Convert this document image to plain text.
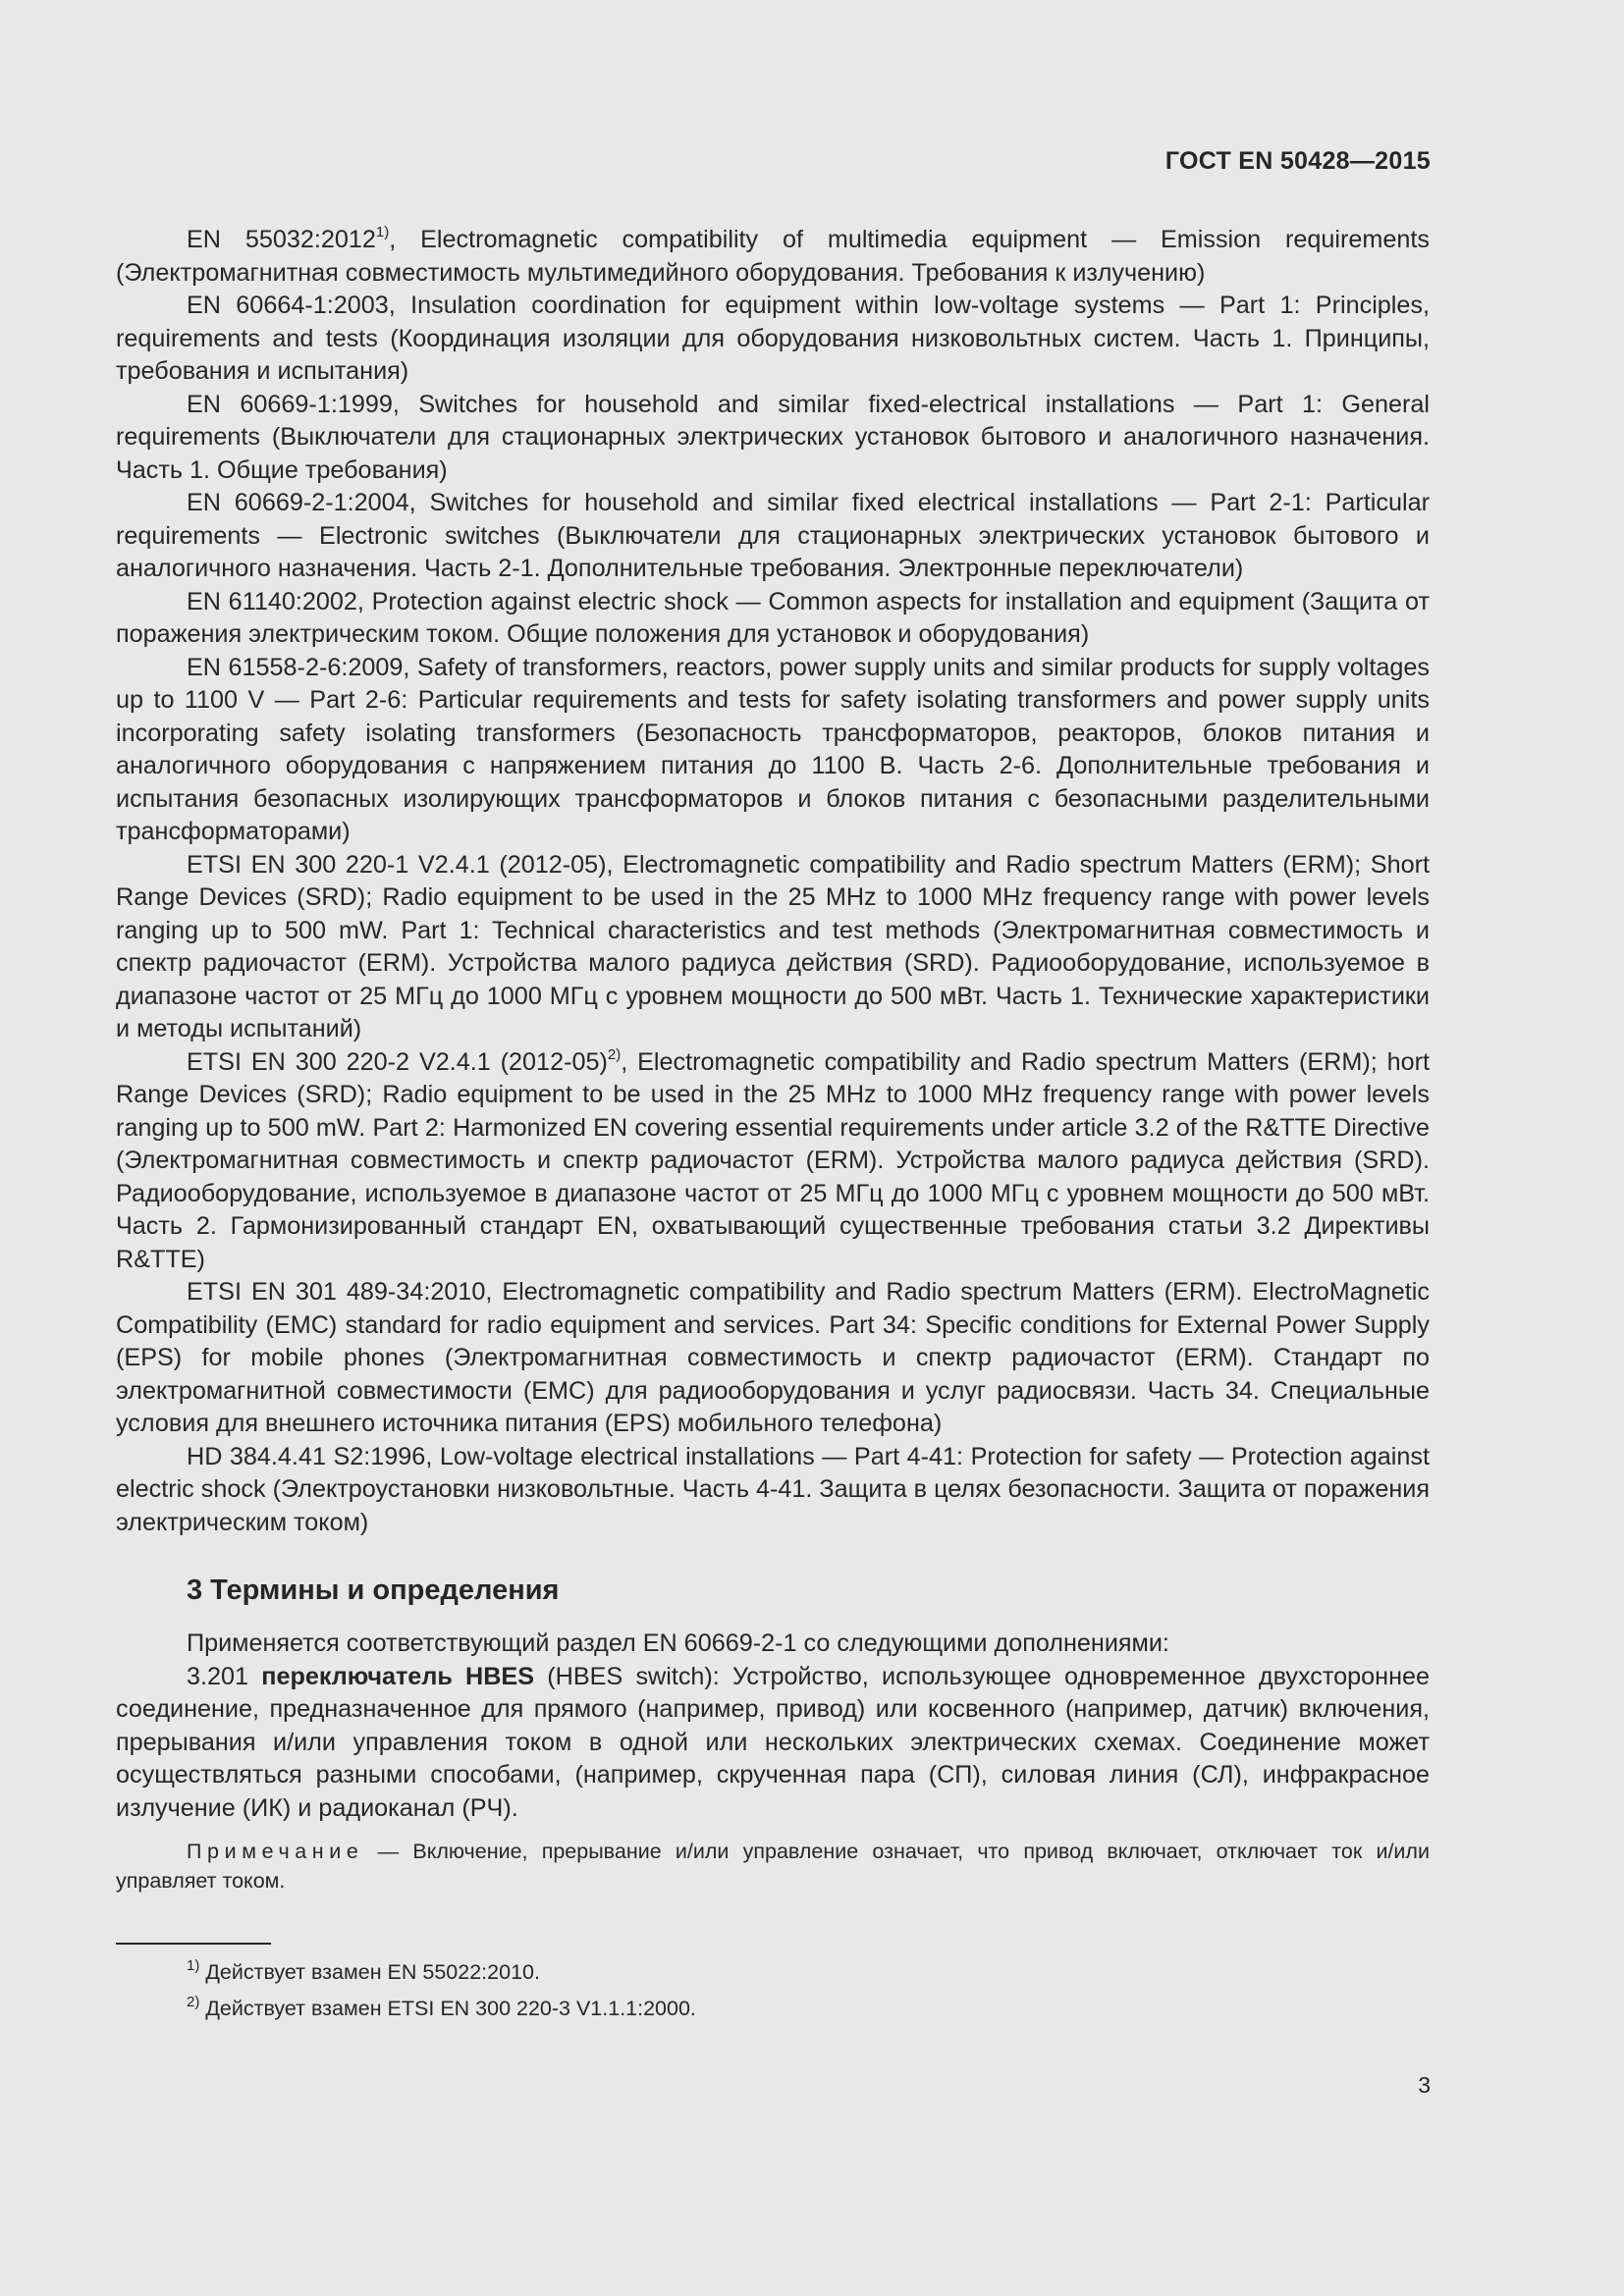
ГОСТ EN 50428—2015

EN 55032:2012$^{1)}$, Electromagnetic compatibility of multimedia equipment — Emission requirements (Электромагнитная совместимость мультимедийного оборудования. Требования к излучению)

EN 60664-1:2003, Insulation coordination for equipment within low-voltage systems — Part 1: Principles, requirements and tests (Координация изоляции для оборудования низковольтных систем. Часть 1. Принципы, требования и испытания)

EN 60669-1:1999, Switches for household and similar fixed-electrical installations — Part 1: General requirements (Выключатели для стационарных электрических установок бытового и аналогичного назначения. Часть 1. Общие требования)

EN 60669-2-1:2004, Switches for household and similar fixed electrical installations — Part 2-1: Particular requirements — Electronic switches (Выключатели для стационарных электрических установок бытового и аналогичного назначения. Часть 2-1. Дополнительные требования. Электронные переключатели)

EN 61140:2002, Protection against electric shock — Common aspects for installation and equipment (Защита от поражения электрическим током. Общие положения для установок и оборудования)

EN 61558-2-6:2009, Safety of transformers, reactors, power supply units and similar products for supply voltages up to 1100 V — Part 2-6: Particular requirements and tests for safety isolating transformers and power supply units incorporating safety isolating transformers (Безопасность трансформаторов, реакторов, блоков питания и аналогичного оборудования с напряжением питания до 1100 В. Часть 2-6. Дополнительные требования и испытания безопасных изолирующих трансформаторов и блоков питания с безопасными разделительными трансформаторами)

ETSI EN 300 220-1 V2.4.1 (2012-05), Electromagnetic compatibility and Radio spectrum Matters (ERM); Short Range Devices (SRD); Radio equipment to be used in the 25 MHz to 1000 MHz frequency range with power levels ranging up to 500 mW. Part 1: Technical characteristics and test methods (Электромагнитная совместимость и спектр радиочастот (ERM). Устройства малого радиуса действия (SRD). Радиооборудование, используемое в диапазоне частот от 25 МГц до 1000 МГц с уровнем мощности до 500 мВт. Часть 1. Технические характеристики и методы испытаний)

ETSI EN 300 220-2 V2.4.1 (2012-05)$^{2)}$, Electromagnetic compatibility and Radio spectrum Matters (ERM); hort Range Devices (SRD); Radio equipment to be used in the 25 MHz to 1000 MHz frequency range with power levels ranging up to 500 mW. Part 2: Harmonized EN covering essential requirements under article 3.2 of the R&TTE Directive (Электромагнитная совместимость и спектр радиочастот (ERM). Устройства малого радиуса действия (SRD). Радиооборудование, используемое в диапазоне частот от 25 МГц до 1000 МГц с уровнем мощности до 500 мВт. Часть 2. Гармонизированный стандарт EN, охватывающий существенные требования статьи 3.2 Директивы R&TTE)

ETSI EN 301 489-34:2010, Electromagnetic compatibility and Radio spectrum Matters (ERM). ElectroMagnetic Compatibility (EMC) standard for radio equipment and services. Part 34: Specific conditions for External Power Supply (EPS) for mobile phones (Электромагнитная совместимость и спектр радиочастот (ERM). Стандарт по электромагнитной совместимости (ЕМС) для радиооборудования и услуг радиосвязи. Часть 34. Специальные условия для внешнего источника питания (EPS) мобильного телефона)

HD 384.4.41 S2:1996, Low-voltage electrical installations — Part 4-41: Protection for safety — Protection against electric shock (Электроустановки низковольтные. Часть 4-41. Защита в целях безопасности. Защита от поражения электрическим током)

3 Термины и определения

Применяется соответствующий раздел EN 60669-2-1 со следующими дополнениями:

3.201 переключатель HBES (HBES switch): Устройство, использующее одновременное двухстороннее соединение, предназначенное для прямого (например, привод) или косвенного (например, датчик) включения, прерывания и/или управления током в одной или нескольких электрических схемах. Соединение может осуществляться разными способами, (например, скрученная пара (СП), силовая линия (СЛ), инфракрасное излучение (ИК) и радиоканал (РЧ).

Примечание — Включение, прерывание и/или управление означает, что привод включает, отключает ток и/или управляет током.

$^{1)}$ Действует взамен EN 55022:2010.
$^{2)}$ Действует взамен ETSI EN 300 220-3 V1.1.1:2000.
3
